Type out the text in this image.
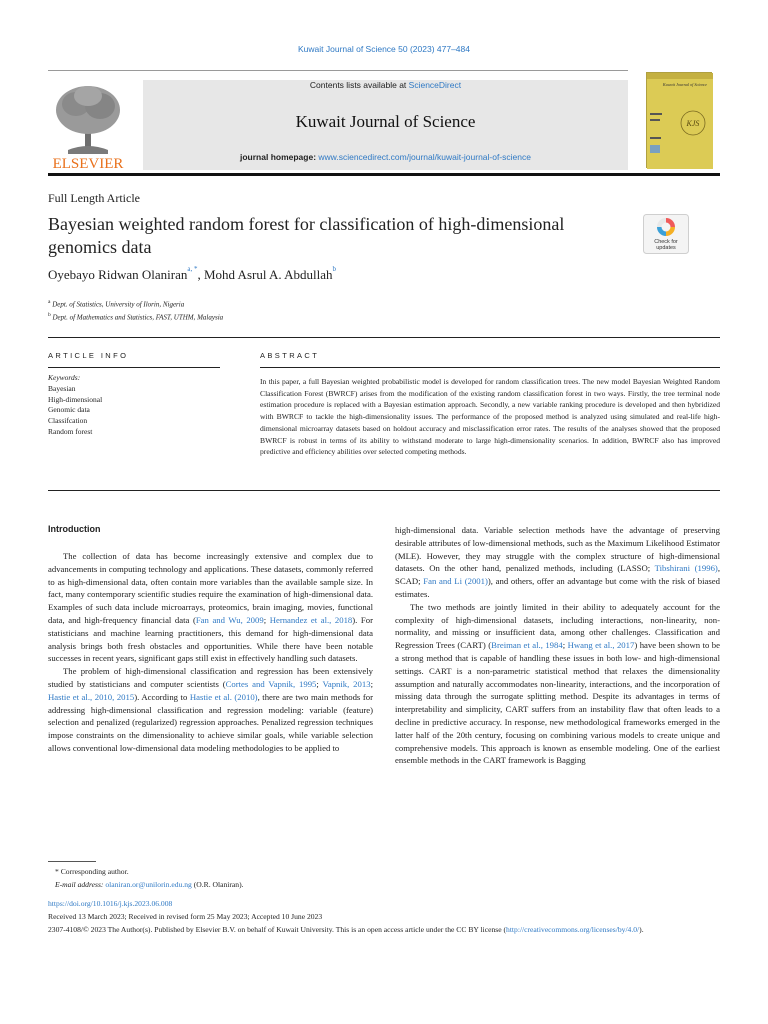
Kuwait Journal of Science 50 (2023) 477–484
ELSEVIER
Contents lists available at ScienceDirect
Kuwait Journal of Science
journal homepage: www.sciencedirect.com/journal/kuwait-journal-of-science
Kuwait Journal of Science
KJS
Full Length Article
Bayesian weighted random forest for classification of high-dimensional genomics data	Check for
updates
Oyebayo Ridwan Olaniran$^{a, *}$, Mohd Asrul A. Abdullah$^b$
$^a$ Dept. of Statistics, University of Ilorin, Nigeria
$^b$ Dept. of Mathematics and Statistics, FAST, UTHM, Malaysia
ARTICLE INFO
Keywords:
Bayesian
High-dimensional
Genomic data
Classifcation
Random forest
ABSTRACT
In this paper, a full Bayesian weighted probabilistic model is developed for random classification trees. The new model Bayesian Weighted Random Classification Forest (BWRCF) arises from the modification of the existing random classification forest in two ways. Firstly, the tree terminal node estimation procedure is replaced with a Bayesian estimation approach. Secondly, a new variable ranking procedure is developed and then hybridized with BWRCF to tackle the high-dimensionality issues. The performance of the proposed method is analyzed using simulated and real-life high-dimensional microarray datasets based on holdout accuracy and misclassification error rates. The results of the analyses showed that the proposed BWRCF is robust in terms of its ability to withstand moderate to large high-dimensionality scenarios. In addition, BWRCF also has improved predictive and efficiency abilities over selected competing methods.
Introduction

The collection of data has become increasingly extensive and complex due to advancements in computing technology and applications. These datasets, commonly referred to as high-dimensional data, often contain more variables than the available sample size. In fact, many contemporary scientific studies require the examination of high-dimensional data. Examples of such data include microarrays, proteomics, brain imaging, movies, functional data, and high-frequency financial data (Fan and Wu, 2009; Hernandez et al., 2018). For statisticians and machine learning practitioners, this demand for high-dimensional data analysis brings both fresh obstacles and opportunities. While there have been notable successes in recent years, significant gaps still exist in effectively handling such datasets.

The problem of high-dimensional classification and regression has been extensively studied by statisticians and computer scientists (Cortes and Vapnik, 1995; Vapnik, 2013; Hastie et al., 2010, 2015). According to Hastie et al. (2010), there are two main methods for addressing high-dimensional classification and regression modeling: variable (feature) selection and penalized (regularized) regression approaches. Penalized regression techniques impose constraints on the dimensionality to achieve similar goals, while variable selection allows conventional low-dimensional data modeling methodologies to be applied to

high-dimensional data. Variable selection methods have the advantage of preserving desirable attributes of low-dimensional methods, such as the Maximum Likelihood Estimator (MLE). However, they may struggle with the complex structure of high-dimensional datasets. On the other hand, penalized methods, including (LASSO; Tibshirani (1996), SCAD; Fan and Li (2001)), and others, offer an advantage but come with the risk of biased estimates.

The two methods are jointly limited in their ability to adequately account for the complexity of high-dimensional datasets, including interactions, non-linearity, non-normality, and missing or insufficient data, among other challenges. Classification and Regression Trees (CART) (Breiman et al., 1984; Hwang et al., 2017) have been shown to be a strong method that is capable of handling these issues in both low- and high-dimensional settings. CART is a non-parametric statistical method that relaxes the dimensionality assumption and naturally accommodates non-linearity, interactions, and the incorporation of missing data through the surrogate splitting method. Despite its advantages in terms of interpretability and simplicity, CART suffers from an instability flaw that often leads to a decline in predictive accuracy. In response, new methodological frameworks emerged in the latter half of the 20th century, focusing on combining various models to create unique and comprehensive models. This approach is known as ensemble modeling. One of the earliest ensemble methods in the CART framework is Bagging

* Corresponding author.
E-mail address: olaniran.or@unilorin.edu.ng (O.R. Olaniran).
https://doi.org/10.1016/j.kjs.2023.06.008
Received 13 March 2023; Received in revised form 25 May 2023; Accepted 10 June 2023
2307-4108/© 2023 The Author(s). Published by Elsevier B.V. on behalf of Kuwait University. This is an open access article under the CC BY license (http://creativecommons.org/licenses/by/4.0/).
